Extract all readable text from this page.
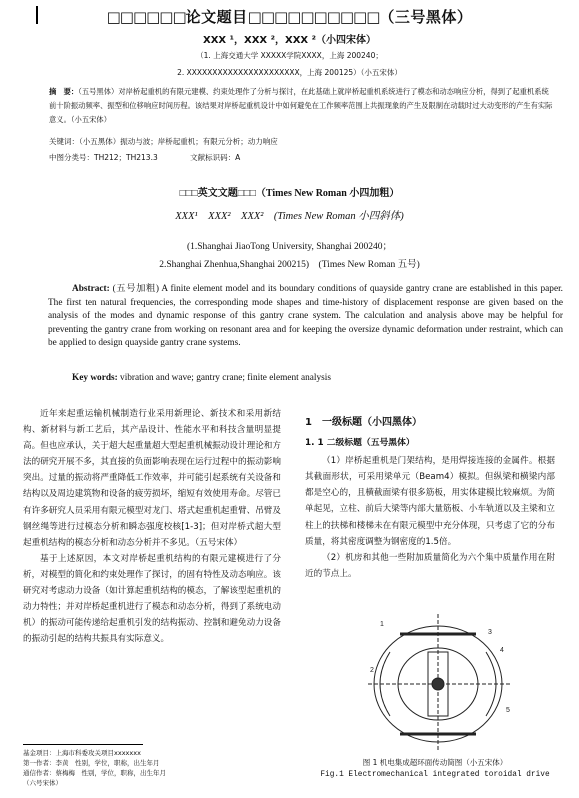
□□□□□□论文题目□□□□□□□□□□（三号黑体）
XXX ¹，XXX ²，XXX ²（小四宋体）
（1. 上海交通大学 XXXXX学院XXXX，上海 200240；
2. XXXXXXXXXXXXXXXXXXXXXX，上海 200125）（小五宋体）
摘　要：（五号黑体）对岸桥起重机的有限元建模、约束处理作了分析与探讨，在此基础上就岸桥起重机系统进行了模态和动态响应分析，得到了起重机系统前十阶振动频率、振型和位移响应时间历程。该结果对岸桥起重机设计中如何避免在工作频率范围上共振现象的产生及限制在动载时过大动变形的产生有实际意义。（小五宋体）
关键词：（小五黑体）振动与波；岸桥起重机；有限元分析；动力响应
中图分类号：TH212；TH213.3	文献标识码：A
□□□英文文题□□□（Times New Roman 小四加粗）
XXX¹　XXX²　XXX²　(Times New Roman 小四斜体)
(1.Shanghai JiaoTong University, Shanghai 200240；
2.Shanghai Zhenhua,Shanghai 200215)　(Times New Roman 五号)
Abstract: (五号加粗) A finite element model and its boundary conditions of quayside gantry crane are established in this paper. The first ten natural frequencies, the corresponding mode shapes and time-history of displacement response are given based on the analysis of the modes and dynamic response of this gantry crane system. The calculation and analysis above may be helpful for preventing the gantry crane from working on resonant area and for keeping the oversize dynamic deformation under restraint, which can be applied to design quayside gantry crane systems.
Key words: vibration and wave; gantry crane; finite element analysis

近年来起重运输机械制造行业采用新理论、新技术和采用新结构、新材料与新工艺后，其产品设计、性能水平和科技含量明显提高。但也应承认，关于超大起重量超大型起重机械振动设计理论和方法的研究开展不多，其直接的负面影响表现在运行过程中的振动影响突出。过量的振动将严重降低工作效率，并可能引起系统有关设备和结构以及周边建筑物和设备的疲劳损坏，缩短有效使用寿命。尽管已有许多研究人员采用有限元模型对龙门、塔式起重机起重臂、吊臂及钢丝绳等进行过模态分析和瞬态强度校核[1-3]；但对岸桥式超大型起重机结构的模态分析和动态分析并不多见。（五号宋体）

基于上述原因，本文对岸桥起重机结构的有限元建模进行了分析，对模型的简化和约束处理作了探讨，的固有特性及动态响应。该研究对考虑动力设备（如计算起重机结构的模态，了解该型起重机的动力特性；并对岸桥起重机进行了模态和动态分析，得到了系统电动机）的振动可能传递给起重机引发的结构振动、控制和避免动力设备的振动引起的结构共振具有实际意义。

1　一级标题（小四黑体）
1. 1 二级标题（五号黑体）

（1）岸桥起重机是门架结构，是用焊接连接的金属件。根据其截面形状，可采用梁单元（Beam4）模拟。但纵梁和横梁内部都是空心的，且横截面梁有很多筋板，用实体建模比较麻烦。为简单起见，立柱、前后大梁等内部大量筋板、小车轨道以及主梁和立柱上的扶梯和楼梯未在有限元模型中充分体现，只考虑了它的分布质量，将其密度调整为钢密度的1.5倍。

（2）机房和其他一些附加质量简化为六个集中质量作用在附近的节点上。

1
2
3
4
5
图 1 机电集成超环面传动简图（小五宋体）
Fig.1 Electromechanical integrated toroidal drive
基金项目：上海市科委攻关项目xxxxxxx
第一作者：李黄　性别，学位，职称，出生年月
通信作者：蔡梅梅　性别，学位，职称，出生年月
（六号宋体）
